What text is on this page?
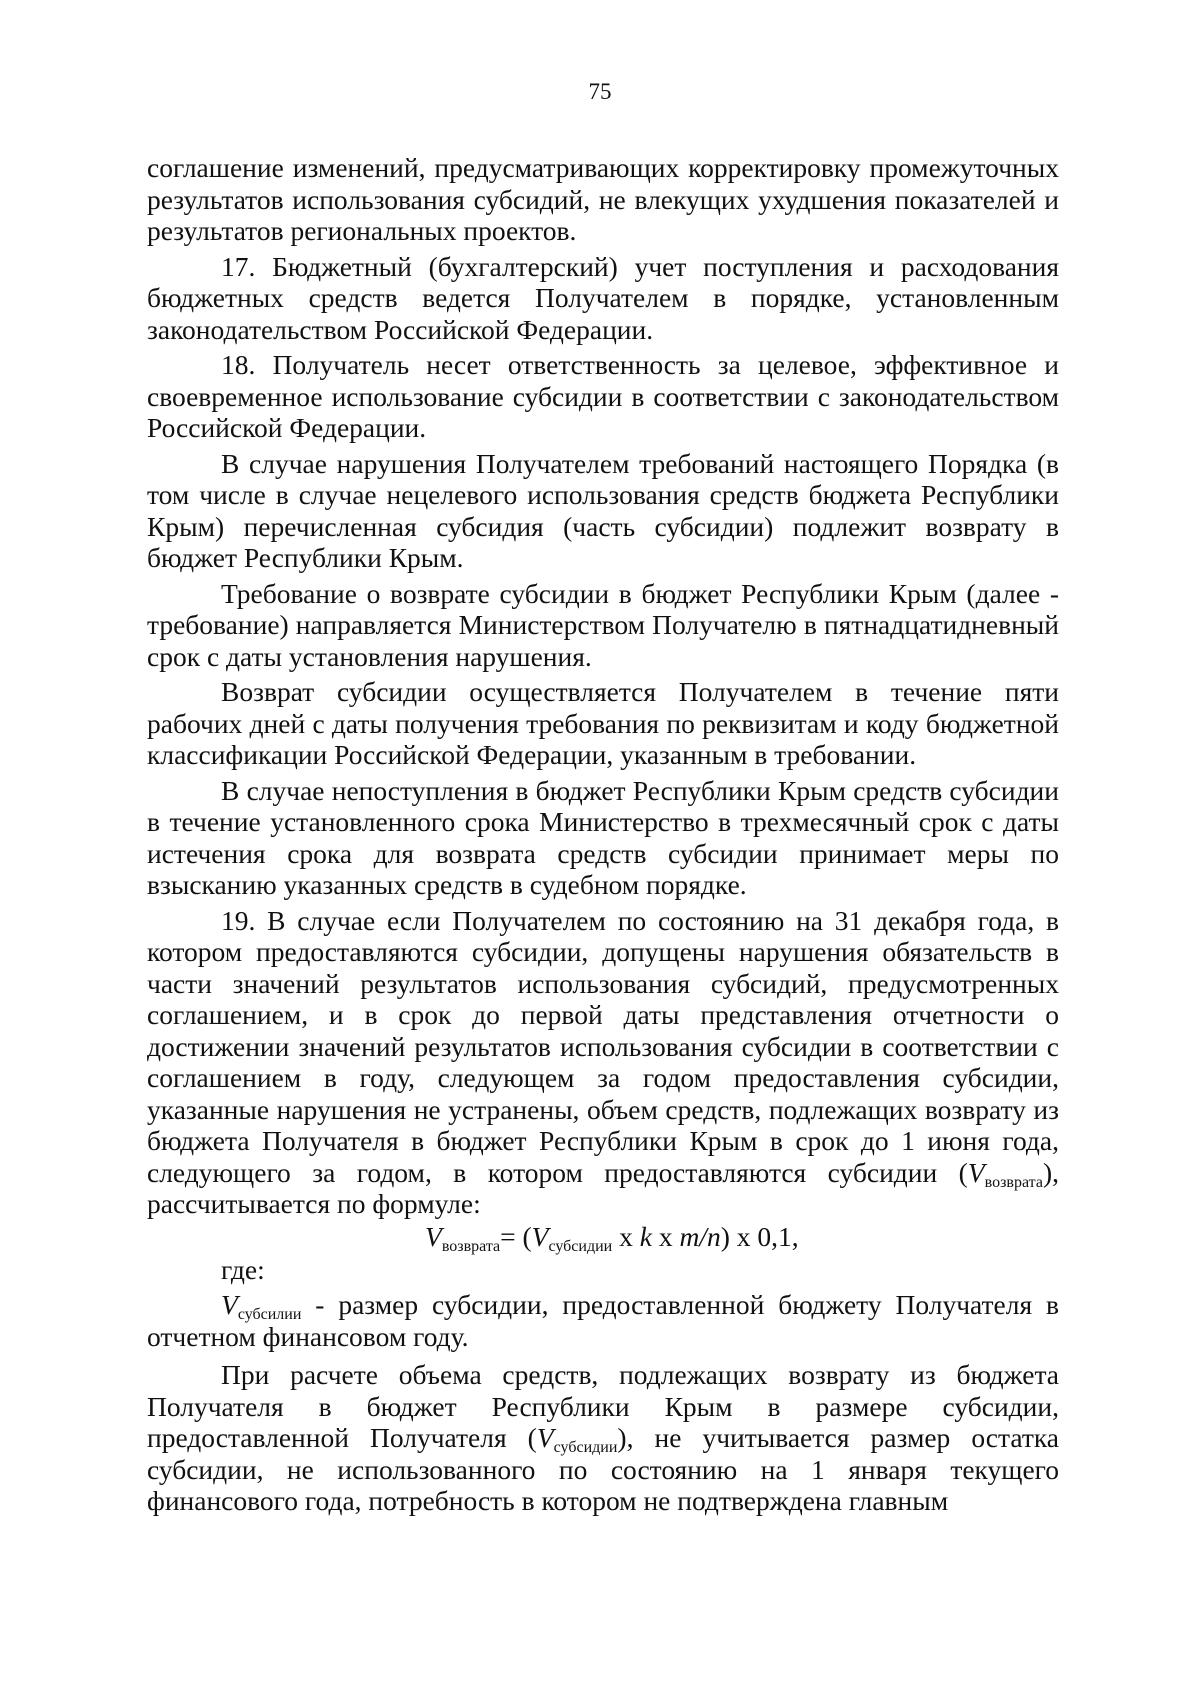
75

соглашение изменений, предусматривающих корректировку промежуточных результатов использования субсидий, не влекущих ухудшения показателей и результатов региональных проектов.

17. Бюджетный (бухгалтерский) учет поступления и расходования бюджетных средств ведется Получателем в порядке, установленным законодательством Российской Федерации.

18. Получатель несет ответственность за целевое, эффективное и своевременное использование субсидии в соответствии с законодательством Российской Федерации.

В случае нарушения Получателем требований настоящего Порядка (в том числе в случае нецелевого использования средств бюджета Республики Крым) перечисленная субсидия (часть субсидии) подлежит возврату в бюджет Республики Крым.

Требование о возврате субсидии в бюджет Республики Крым (далее - требование) направляется Министерством Получателю в пятнадцатидневный срок с даты установления нарушения.

Возврат субсидии осуществляется Получателем в течение пяти рабочих дней с даты получения требования по реквизитам и коду бюджетной классификации Российской Федерации, указанным в требовании.

В случае непоступления в бюджет Республики Крым средств субсидии в течение установленного срока Министерство в трехмесячный срок с даты истечения срока для возврата средств субсидии принимает меры по взысканию указанных средств в судебном порядке.

19. В случае если Получателем по состоянию на 31 декабря года, в котором предоставляются субсидии, допущены нарушения обязательств в части значений результатов использования субсидий, предусмотренных соглашением, и в срок до первой даты представления отчетности о достижении значений результатов использования субсидии в соответствии с соглашением в году, следующем за годом предоставления субсидии, указанные нарушения не устранены, объем средств, подлежащих возврату из бюджета Получателя в бюджет Республики Крым в срок до 1 июня года, следующего за годом, в котором предоставляются субсидии $(V_{возврата})$, рассчитывается по формуле:

$V_{возврата}= (V_{субсидии}$ x k x m/n) x 0,1,

где:

$V_{субсилии}$ - размер субсидии, предоставленной бюджету Получателя в отчетном финансовом году.

При расчете объема средств, подлежащих возврату из бюджета Получателя в бюджет Республики Крым в размере субсидии, предоставленной Получателя $(V_{субсидии})$, не учитывается размер остатка субсидии, не использованного по состоянию на 1 января текущего финансового года, потребность в котором не подтверждена главным
